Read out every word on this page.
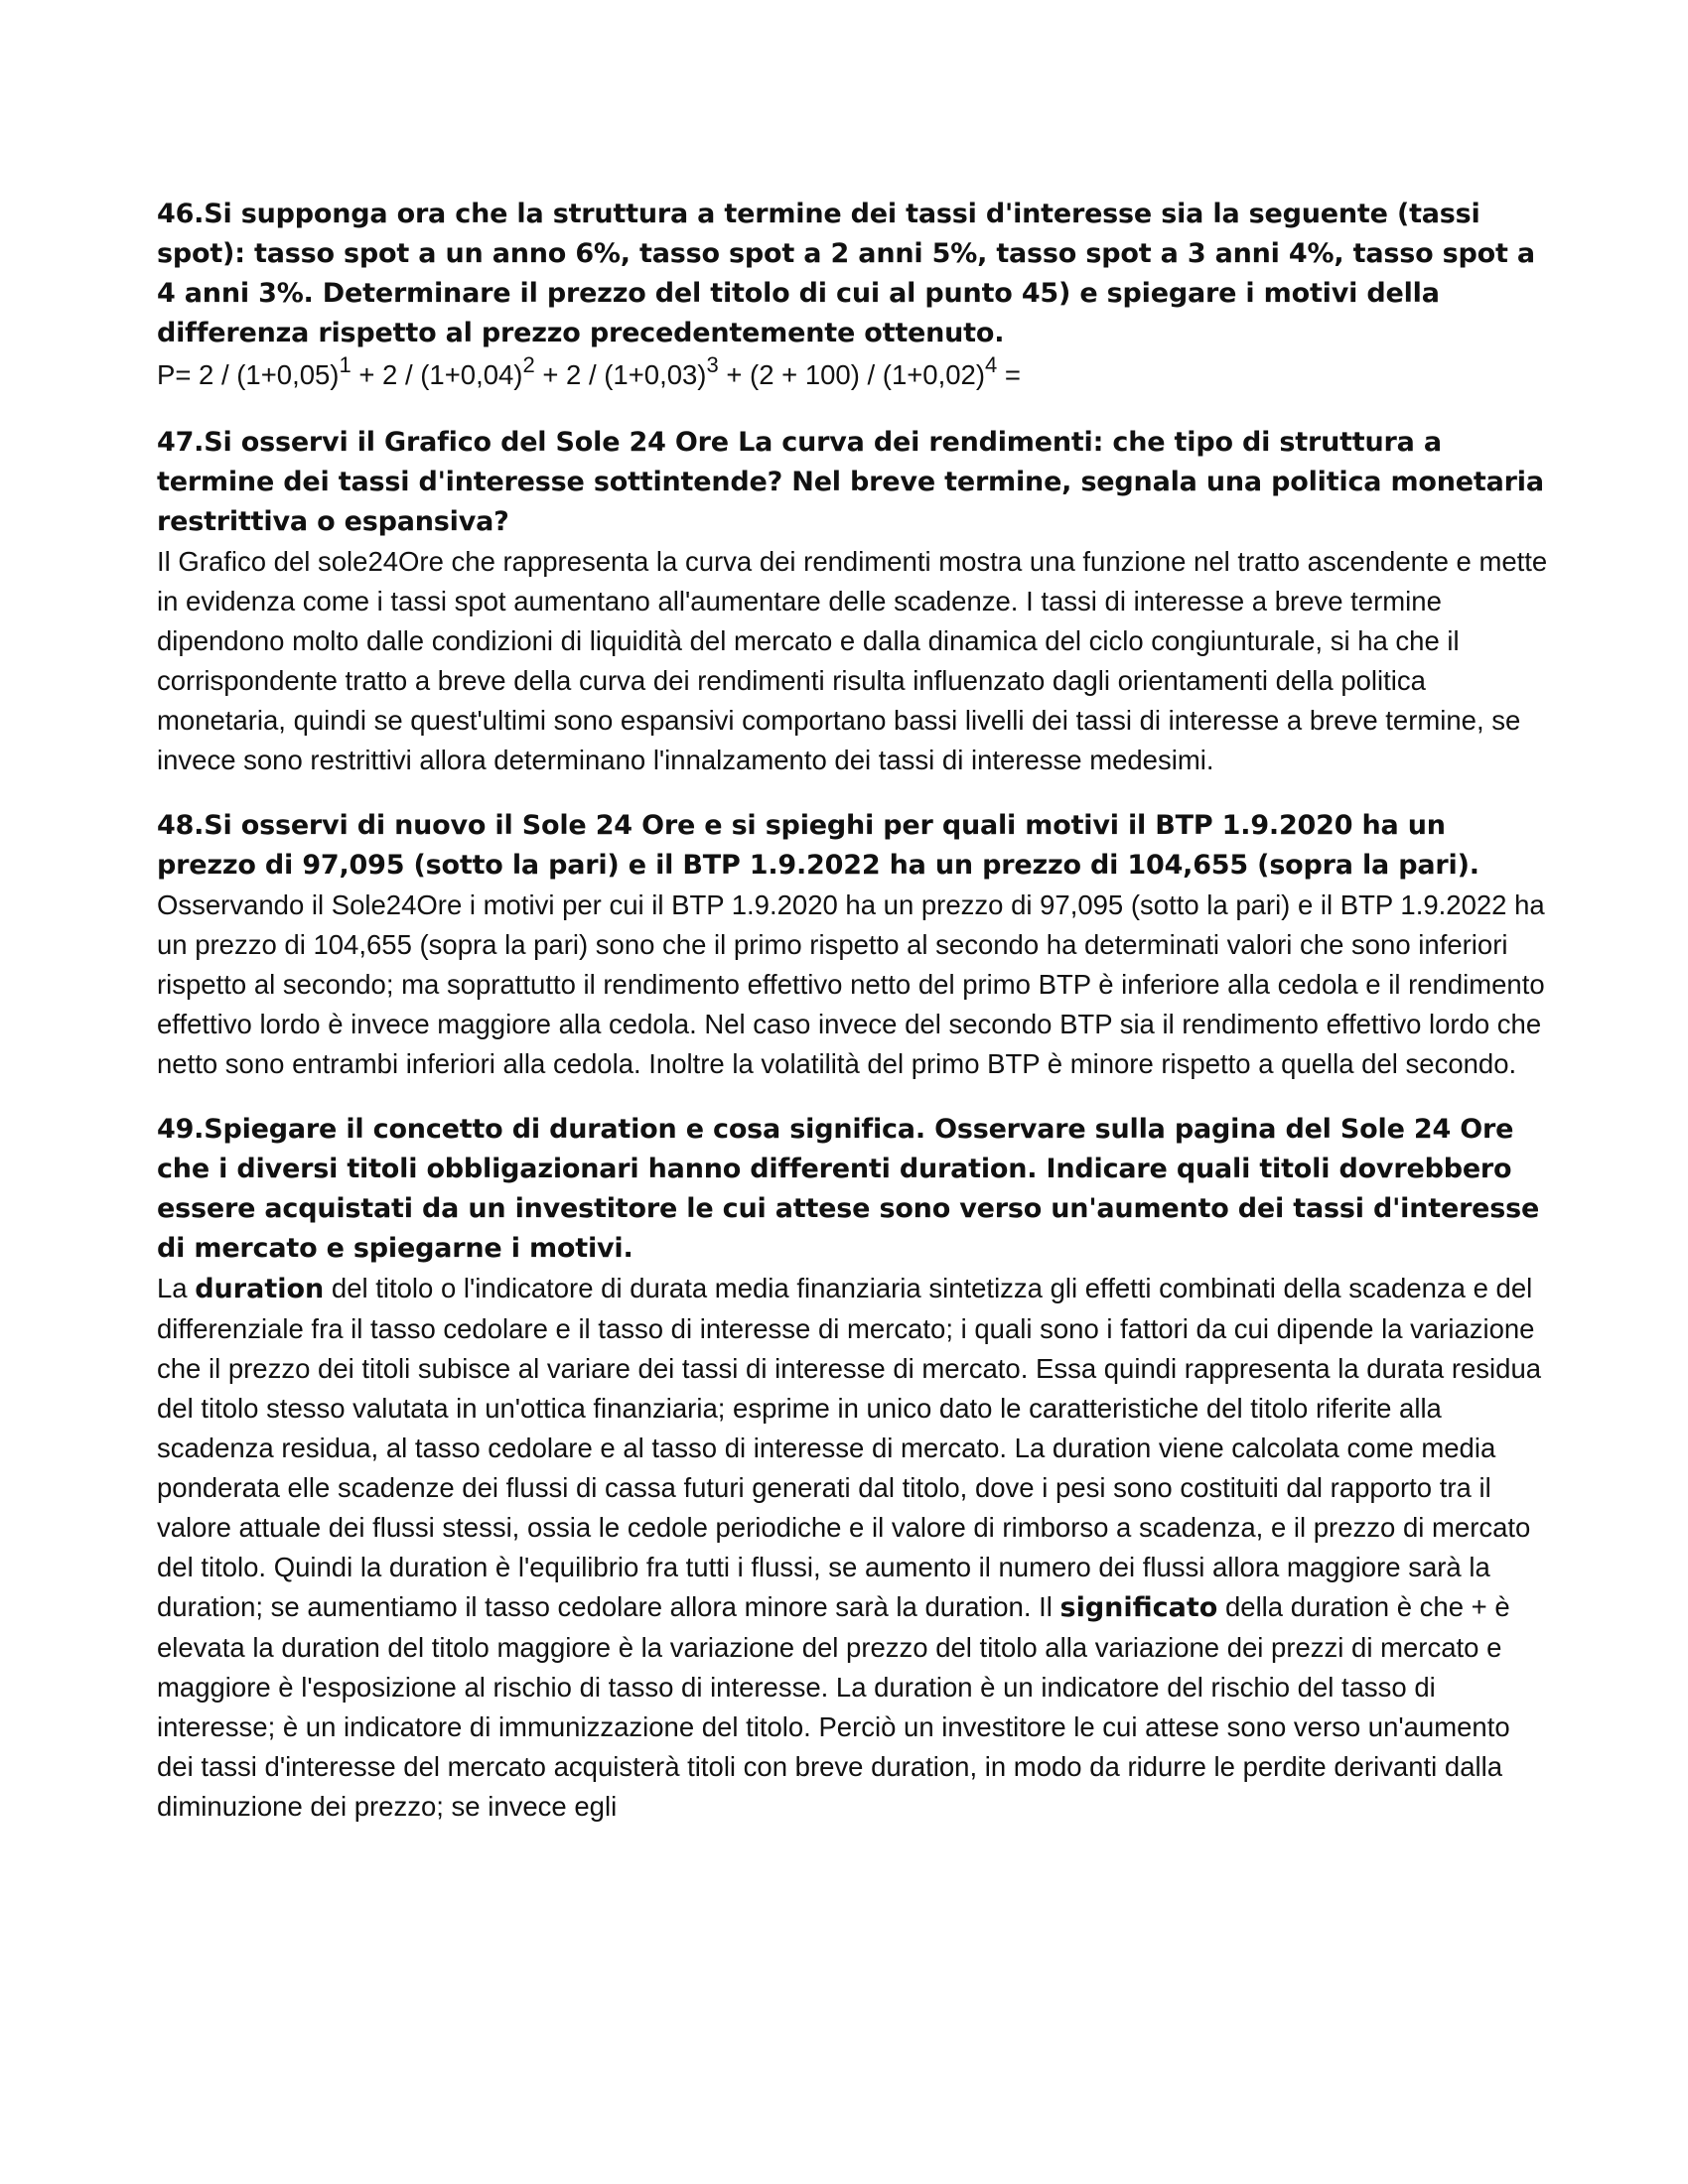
46.Si supponga ora che la struttura a termine dei tassi d'interesse sia la seguente (tassi spot): tasso spot a un anno 6%, tasso spot a 2 anni 5%, tasso spot a 3 anni 4%, tasso spot a 4 anni 3%. Determinare il prezzo del titolo di cui al punto 45) e spiegare i motivi della differenza rispetto al prezzo precedentemente ottenuto.

$P= 2 / (1+0,05)^1 + 2 / (1+0,04)^2 + 2 / (1+0,03)^3 + (2 + 100) / (1+0,02)^4$ =

47.Si osservi il Grafico del Sole 24 Ore La curva dei rendimenti: che tipo di struttura a termine dei tassi d'interesse sottintende? Nel breve termine, segnala una politica monetaria restrittiva o espansiva?

Il Grafico del sole24Ore che rappresenta la curva dei rendimenti mostra una funzione nel tratto ascendente e mette in evidenza come i tassi spot aumentano all'aumentare delle scadenze. I tassi di interesse a breve termine dipendono molto dalle condizioni di liquidità del mercato e dalla dinamica del ciclo congiunturale, si ha che il corrispondente tratto a breve della curva dei rendimenti risulta influenzato dagli orientamenti della politica monetaria, quindi se quest'ultimi sono espansivi comportano bassi livelli dei tassi di interesse a breve termine, se invece sono restrittivi allora determinano l'innalzamento dei tassi di interesse medesimi.

48.Si osservi di nuovo il Sole 24 Ore e si spieghi per quali motivi il BTP 1.9.2020 ha un prezzo di 97,095 (sotto la pari) e il BTP 1.9.2022 ha un prezzo di 104,655 (sopra la pari).

Osservando il Sole24Ore i motivi per cui il BTP 1.9.2020 ha un prezzo di 97,095 (sotto la pari) e il BTP 1.9.2022 ha un prezzo di 104,655 (sopra la pari) sono che il primo rispetto al secondo ha determinati valori che sono inferiori rispetto al secondo; ma soprattutto il rendimento effettivo netto del primo BTP è inferiore alla cedola e il rendimento effettivo lordo è invece maggiore alla cedola. Nel caso invece del secondo BTP sia il rendimento effettivo lordo che netto sono entrambi inferiori alla cedola. Inoltre la volatilità del primo BTP è minore rispetto a quella del secondo.

49.Spiegare il concetto di duration e cosa significa. Osservare sulla pagina del Sole 24 Ore che i diversi titoli obbligazionari hanno differenti duration. Indicare quali titoli dovrebbero essere acquistati da un investitore le cui attese sono verso un'aumento dei tassi d'interesse di mercato e spiegarne i motivi.

La duration del titolo o l'indicatore di durata media finanziaria sintetizza gli effetti combinati della scadenza e del differenziale fra il tasso cedolare e il tasso di interesse di mercato; i quali sono i fattori da cui dipende la variazione che il prezzo dei titoli subisce al variare dei tassi di interesse di mercato. Essa quindi rappresenta la durata residua del titolo stesso valutata in un'ottica finanziaria; esprime in unico dato le caratteristiche del titolo riferite alla scadenza residua, al tasso cedolare e al tasso di interesse di mercato. La duration viene calcolata come media ponderata elle scadenze dei flussi di cassa futuri generati dal titolo, dove i pesi sono costituiti dal rapporto tra il valore attuale dei flussi stessi, ossia le cedole periodiche e il valore di rimborso a scadenza, e il prezzo di mercato del titolo. Quindi la duration è l'equilibrio fra tutti i flussi, se aumento il numero dei flussi allora maggiore sarà la duration; se aumentiamo il tasso cedolare allora minore sarà la duration. Il significato della duration è che + è elevata la duration del titolo maggiore è la variazione del prezzo del titolo alla variazione dei prezzi di mercato e maggiore è l'esposizione al rischio di tasso di interesse. La duration è un indicatore del rischio del tasso di interesse; è un indicatore di immunizzazione del titolo. Perciò un investitore le cui attese sono verso un'aumento dei tassi d'interesse del mercato acquisterà titoli con breve duration, in modo da ridurre le perdite derivanti dalla diminuzione dei prezzo; se invece egli
